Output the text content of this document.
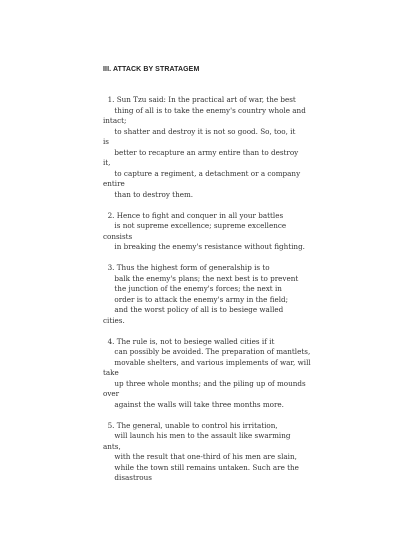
III. ATTACK BY STRATAGEM
1. Sun Tzu said: In the practical art of war, the best
thing of all is to take the enemy's country whole and
intact;
to shatter and destroy it is not so good. So, too, it
is
better to recapture an army entire than to destroy
it,
to capture a regiment, a detachment or a company
entire
than to destroy them.
2. Hence to fight and conquer in all your battles
is not supreme excellence; supreme excellence
consists
in breaking the enemy's resistance without fighting.
3. Thus the highest form of generalship is to
balk the enemy's plans; the next best is to prevent
the junction of the enemy's forces; the next in
order is to attack the enemy's army in the field;
and the worst policy of all is to besiege walled
cities.
4. The rule is, not to besiege walled cities if it
can possibly be avoided. The preparation of mantlets,
movable shelters, and various implements of war, will
take
up three whole months; and the piling up of mounds
over
against the walls will take three months more.
5. The general, unable to control his irritation,
will launch his men to the assault like swarming
ants,
with the result that one-third of his men are slain,
while the town still remains untaken. Such are the
disastrous
